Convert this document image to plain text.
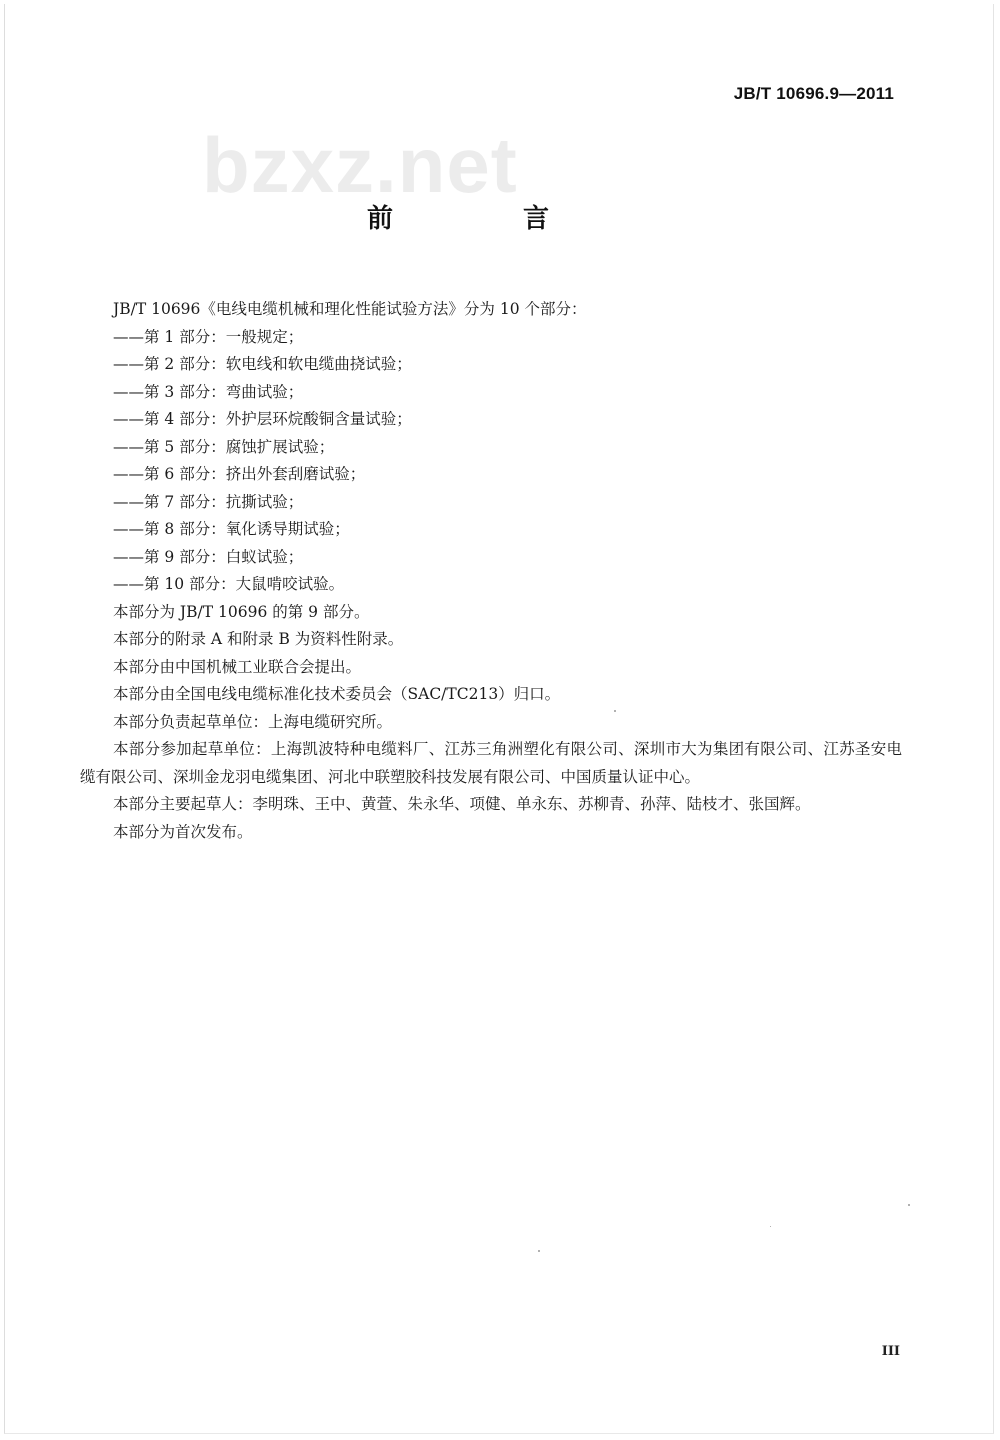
JB/T 10696.9—2011
bzxz.net
前　言
JB/T 10696《电线电缆机械和理化性能试验方法》分为 10 个部分：
——第 1 部分：一般规定；
——第 2 部分：软电线和软电缆曲挠试验；
——第 3 部分：弯曲试验；
——第 4 部分：外护层环烷酸铜含量试验；
——第 5 部分：腐蚀扩展试验；
——第 6 部分：挤出外套刮磨试验；
——第 7 部分：抗撕试验；
——第 8 部分：氧化诱导期试验；
——第 9 部分：白蚁试验；
——第 10 部分：大鼠啃咬试验。
本部分为 JB/T 10696 的第 9 部分。
本部分的附录 A 和附录 B 为资料性附录。
本部分由中国机械工业联合会提出。
本部分由全国电线电缆标准化技术委员会（SAC/TC213）归口。
本部分负责起草单位：上海电缆研究所。
本部分参加起草单位：上海凯波特种电缆料厂、江苏三角洲塑化有限公司、深圳市大为集团有限公司、江苏圣安电缆有限公司、深圳金龙羽电缆集团、河北中联塑胶科技发展有限公司、中国质量认证中心。
本部分主要起草人：李明珠、王中、黄萱、朱永华、项健、单永东、苏柳青、孙萍、陆枝才、张国辉。
本部分为首次发布。
III
